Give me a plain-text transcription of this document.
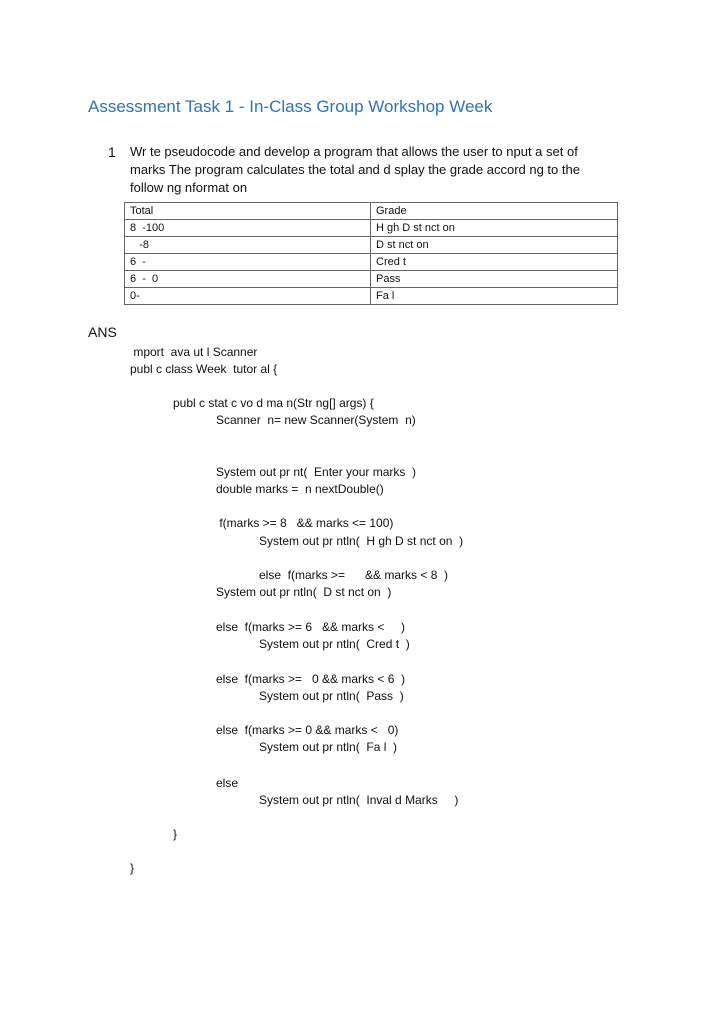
Assessment Task 1 - In-Class Group Workshop Week
1 Wr te pseudocode and develop a program that allows the user to nput a set of
marks The program calculates the total and d splay the grade accord ng to the
follow ng nformat on
Total	Grade
8  -100	H gh D st nct on
-8	D st nct on
6  -	Cred t
6  -  0	Pass
0-	Fa l
ANS
mport  ava ut l Scanner
publ c class Week  tutor al {
publ c stat c vo d ma n(Str ng[] args) {
Scanner  n= new Scanner(System  n)
System out pr nt(  Enter your marks  )
double marks =  n nextDouble()
f(marks >= 8   && marks <= 100)
System out pr ntln(  H gh D st nct on  )
else  f(marks >=      && marks < 8  )
System out pr ntln(  D st nct on  )
else  f(marks >= 6   && marks <     )
System out pr ntln(  Cred t  )
else  f(marks >=   0 && marks < 6  )
System out pr ntln(  Pass  )
else  f(marks >= 0 && marks <   0)
System out pr ntln(  Fa l  )
else
System out pr ntln(  Inval d Marks     )
}
}
